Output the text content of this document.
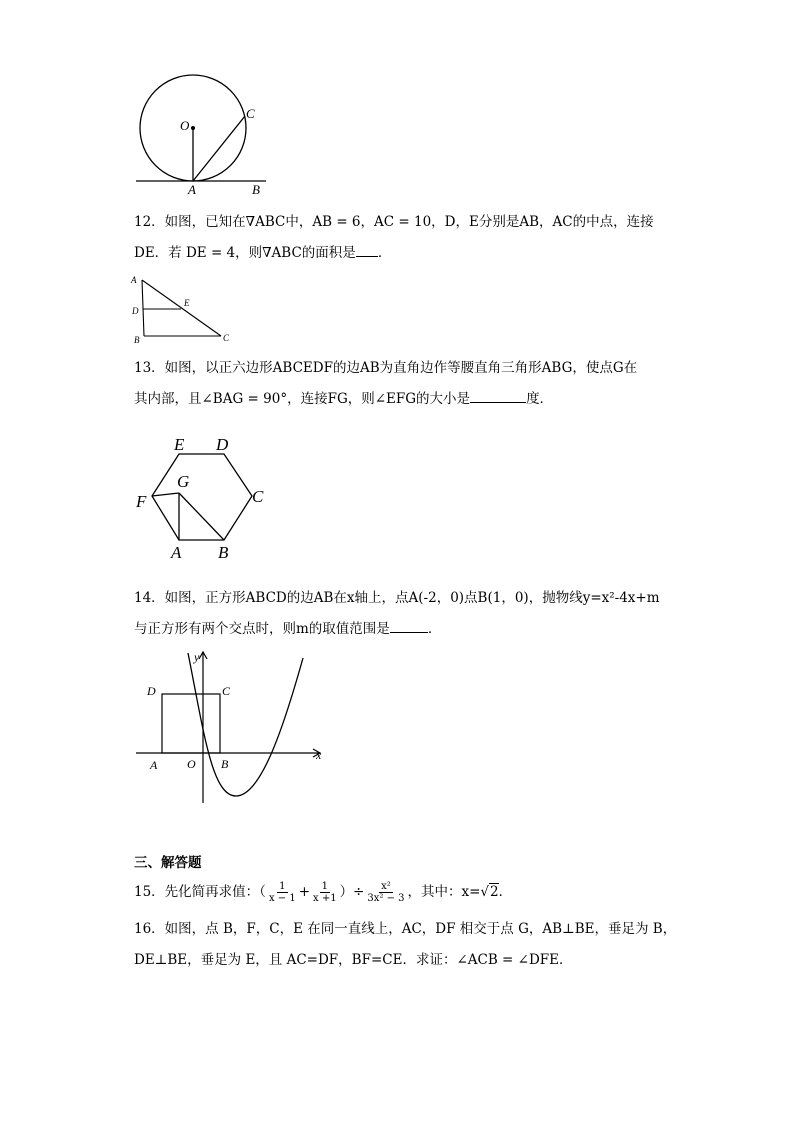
O
C
A	B
12．如图，已知在∇ABC中，AB = 6，AC = 10，D，E分别是AB，AC的中点，连接
DE．若 DE = 4，则∇ABC的面积是 ．
A
E
D
B	C
13．如图，以正六边形ABCEDF的边AB为直角边作等腰直角三角形ABG，使点G在
其内部，且∠BAG = 90°，连接FG，则∠EFG的大小是	度．
E D
F
G
C
A B
14．如图，正方形ABCD的边AB在x轴上，点A(-2，0)点B(1，0)，抛物线y=x²-4x+m
与正方形有两个交点时，则m的取值范围是	．
y
x
D	C
A O B
三、解答题
15．先化简再求值：（ $\frac{1}{x - 1} + \frac{1}{x +1}$ ）÷ $\frac{\text{x²}}{\text{3x² − 3}}$ ，其中：x=√2．
16．如图，点 B，F，C，E 在同一直线上，AC，DF 相交于点 G，AB⊥BE，垂足为 B，
DE⊥BE，垂足为 E，且 AC=DF，BF=CE．求证：∠ACB = ∠DFE．
